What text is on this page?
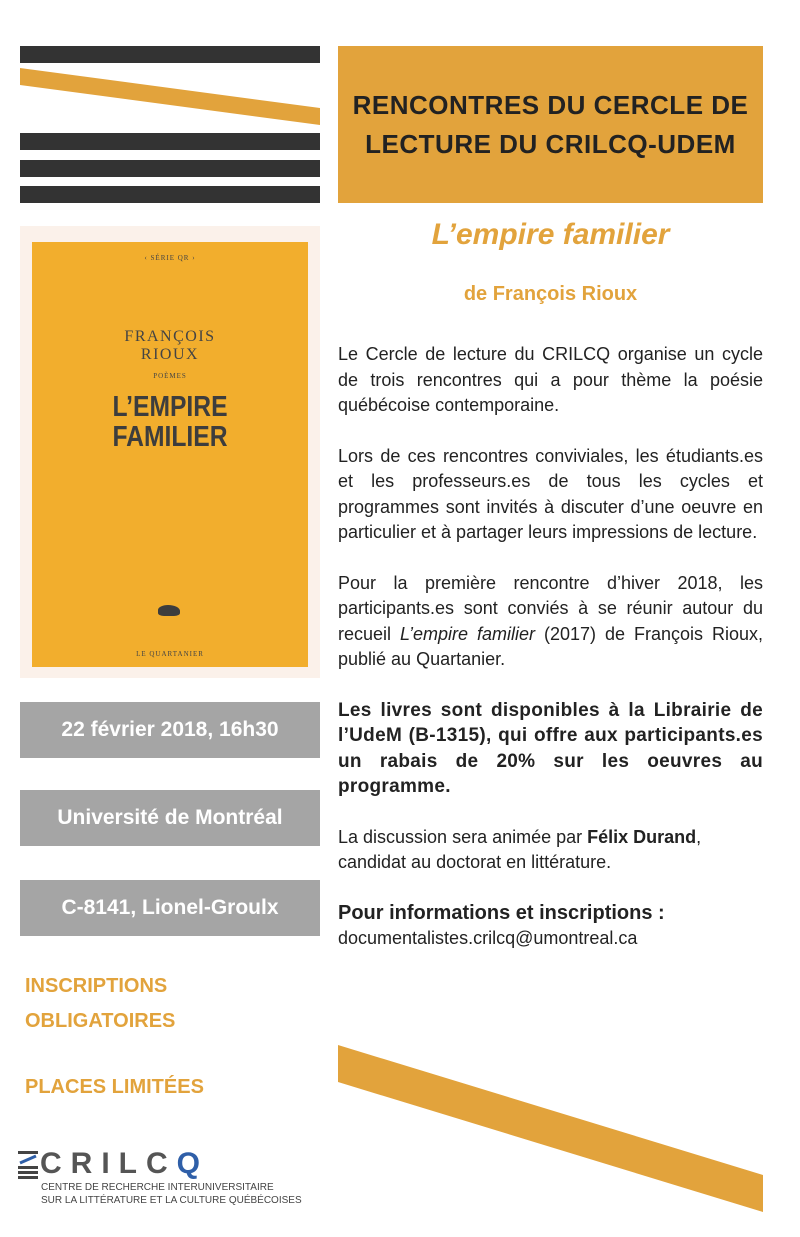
RENCONTRES DU CERCLE DE LECTURE DU CRILCQ-UDEM
L’empire familier
de François Rioux
‹ SÉRIE QR ›
FRANÇOIS
RIOUX
POÈMES
L’EMPIRE
FAMILIER
LE QUARTANIER

Le Cercle de lecture du CRILCQ organise un cycle de trois rencontres qui a pour thème la poésie québécoise contemporaine.

Lors de ces rencontres conviviales, les étudiants.es et les professeurs.es de tous les cycles et programmes sont invités à discuter d’une oeuvre en particulier et à partager leurs impressions de lecture.

Pour la première rencontre d’hiver 2018, les participants.es sont conviés à se réunir autour du recueil L’empire familier (2017) de François Rioux, publié au Quartanier.

Les livres sont disponibles à la Librairie de l’UdeM (B-1315), qui offre aux participants.es un rabais de 20% sur les oeuvres au programme.

La discussion sera animée par Félix Durand, candidat au doctorat en littérature.

Pour informations et inscriptions :
documentalistes.crilcq@umontreal.ca
22 février 2018, 16h30
Université de Montréal
C-8141, Lionel-Groulx
INSCRIPTIONS
OBLIGATOIRES
PLACES LIMITÉES
CRILC Q
CENTRE DE RECHERCHE INTERUNIVERSITAIRE
SUR LA LITTÉRATURE ET LA CULTURE QUÉBÉCOISES
